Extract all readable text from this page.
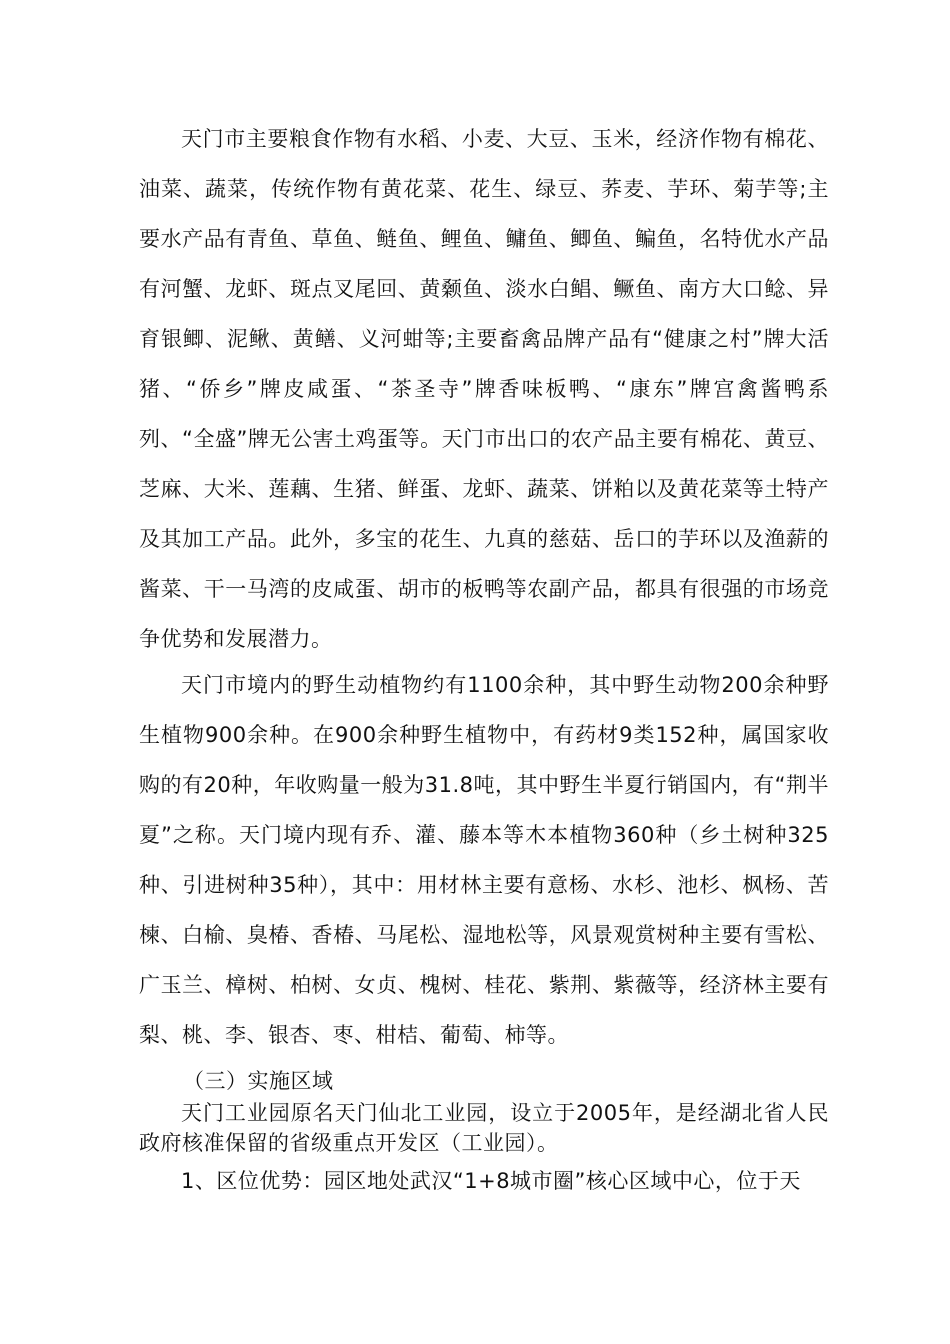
天门市主要粮食作物有水稻、小麦、大豆、玉米，经济作物有棉花、油菜、蔬菜，传统作物有黄花菜、花生、绿豆、荞麦、芋环、菊芋等;主要水产品有青鱼、草鱼、鲢鱼、鲤鱼、鳙鱼、鲫鱼、鳊鱼，名特优水产品有河蟹、龙虾、斑点叉尾回、黄颡鱼、淡水白鲳、鳜鱼、南方大口鲶、异育银鲫、泥鳅、黄鳝、义河蚶等;主要畜禽品牌产品有“健康之村”牌大活猪、“侨乡”牌皮咸蛋、“茶圣寺”牌香味板鸭、“康东”牌宫禽酱鸭系列、“全盛”牌无公害土鸡蛋等。天门市出口的农产品主要有棉花、黄豆、芝麻、大米、莲藕、生猪、鲜蛋、龙虾、蔬菜、饼粕以及黄花菜等土特产及其加工产品。此外，多宝的花生、九真的慈菇、岳口的芋环以及渔薪的酱菜、干一马湾的皮咸蛋、胡市的板鸭等农副产品，都具有很强的市场竞争优势和发展潜力。

天门市境内的野生动植物约有1100余种，其中野生动物200余种野生植物900余种。在900余种野生植物中，有药材9类152种，属国家收购的有20种，年收购量一般为31.8吨，其中野生半夏行销国内，有“荆半夏”之称。天门境内现有乔、灌、藤本等木本植物360种（乡土树种325种、引进树种35种），其中：用材林主要有意杨、水杉、池杉、枫杨、苦楝、白榆、臭椿、香椿、马尾松、湿地松等，风景观赏树种主要有雪松、广玉兰、樟树、柏树、女贞、槐树、桂花、紫荆、紫薇等，经济林主要有梨、桃、李、银杏、枣、柑桔、葡萄、柿等。

（三）实施区域

天门工业园原名天门仙北工业园，设立于2005年，是经湖北省人民政府核准保留的省级重点开发区（工业园）。

1、区位优势：园区地处武汉“1+8城市圈”核心区域中心，位于天
